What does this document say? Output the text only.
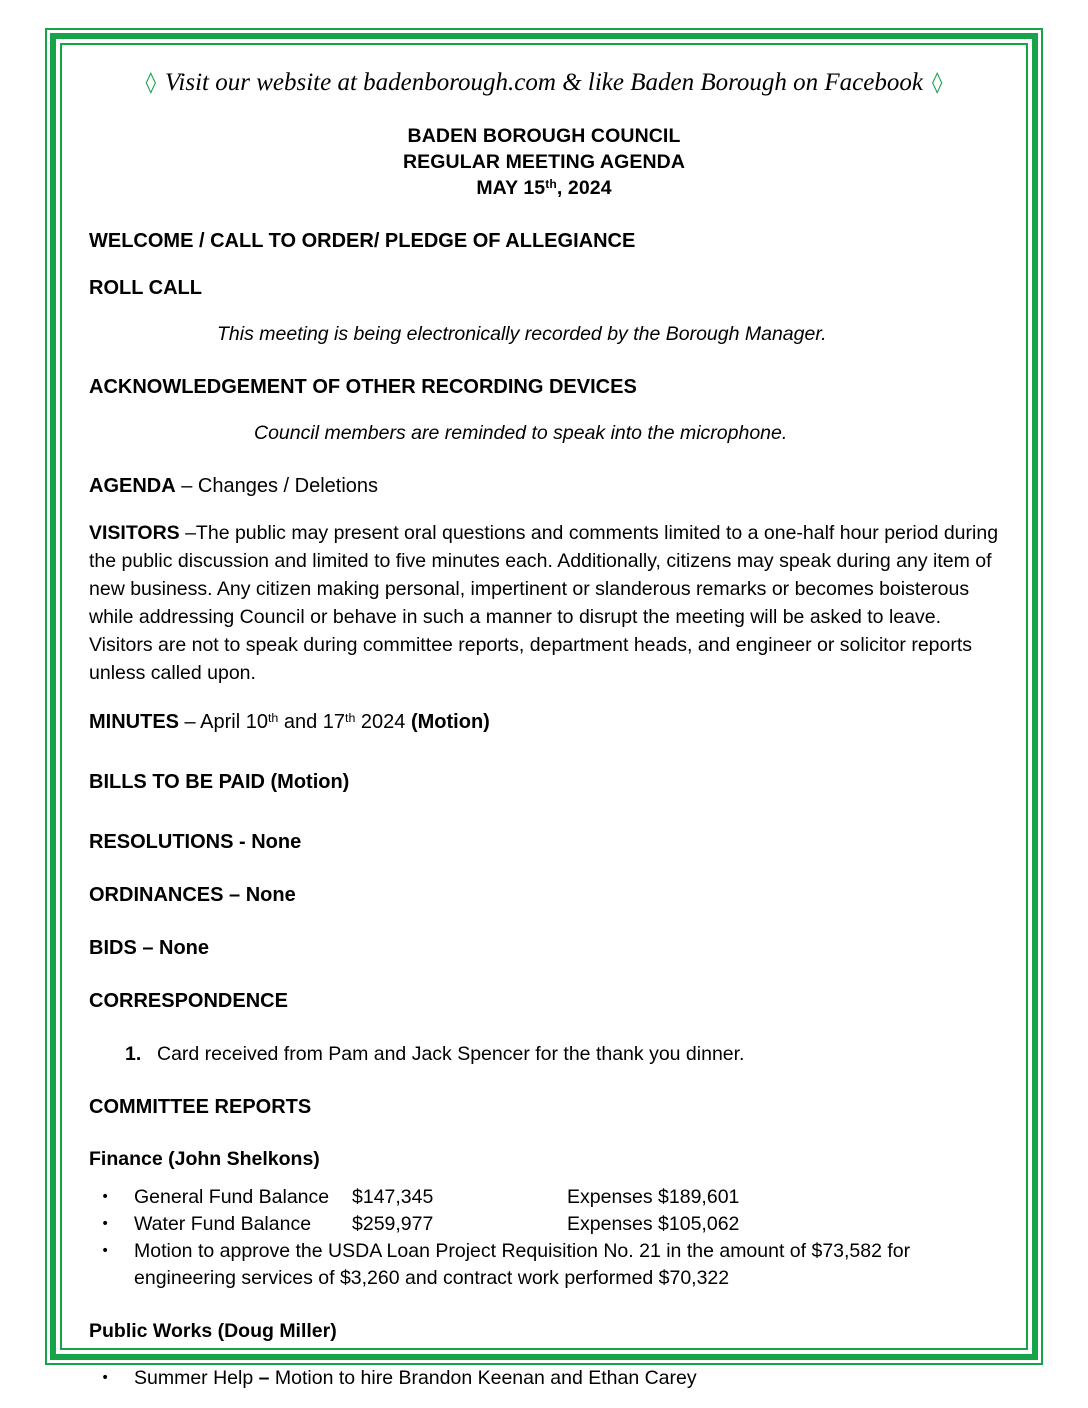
◊ Visit our website at badenborough.com & like Baden Borough on Facebook ◊
BADEN BOROUGH COUNCIL
REGULAR MEETING AGENDA
MAY 15th, 2024
WELCOME / CALL TO ORDER/ PLEDGE OF ALLEGIANCE
ROLL CALL
This meeting is being electronically recorded by the Borough Manager.
ACKNOWLEDGEMENT OF OTHER RECORDING DEVICES
Council members are reminded to speak into the microphone.
AGENDA – Changes / Deletions
VISITORS –The public may present oral questions and comments limited to a one-half hour period during the public discussion and limited to five minutes each. Additionally, citizens may speak during any item of new business. Any citizen making personal, impertinent or slanderous remarks or becomes boisterous while addressing Council or behave in such a manner to disrupt the meeting will be asked to leave. Visitors are not to speak during committee reports, department heads, and engineer or solicitor reports unless called upon.
MINUTES – April 10th and 17th 2024 (Motion)
BILLS TO BE PAID (Motion)
RESOLUTIONS - None
ORDINANCES – None
BIDS – None
CORRESPONDENCE
1. Card received from Pam and Jack Spencer for the thank you dinner.
COMMITTEE REPORTS
Finance (John Shelkons)
•	General Fund Balance	$147,345	Expenses $189,601
•	Water Fund Balance	$259,977	Expenses $105,062
•	Motion to approve the USDA Loan Project Requisition No. 21 in the amount of $73,582 for engineering services of $3,260 and contract work performed $70,322
Public Works (Doug Miller)
•	Summer Help – Motion to hire Brandon Keenan and Ethan Carey
